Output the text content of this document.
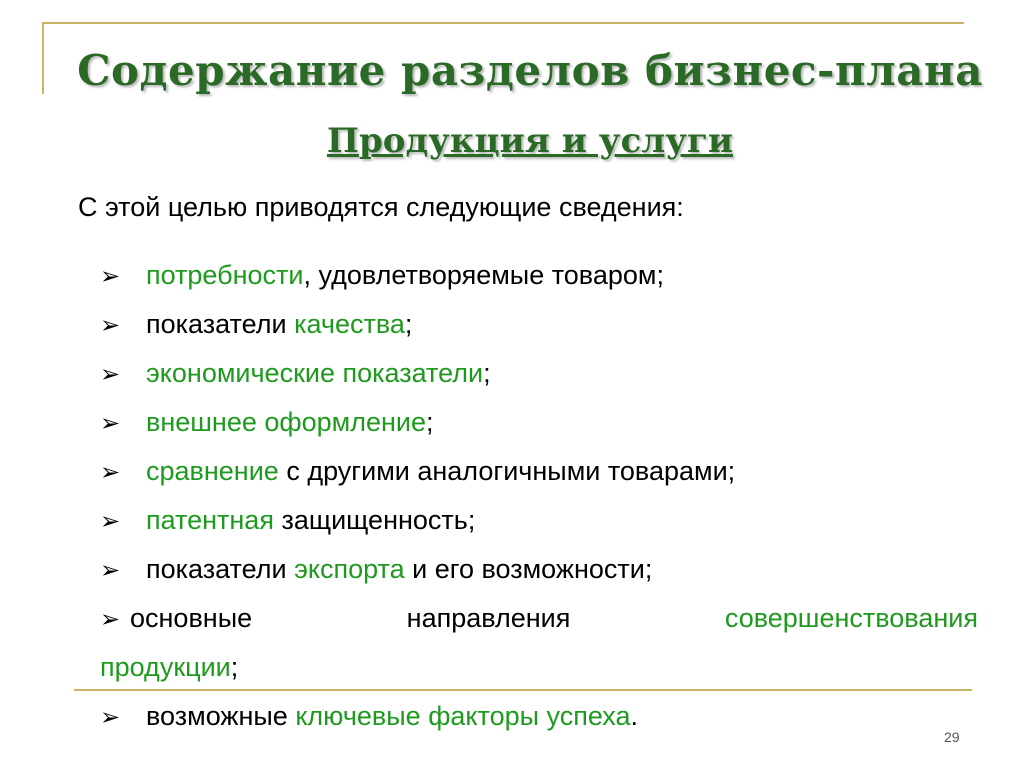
Содержание разделов бизнес-плана
Продукция и услуги
С этой целью приводятся следующие сведения:
➢ потребности, удовлетворяемые товаром;
➢ показатели качества;
➢ экономические показатели;
➢ внешнее оформление;
➢ сравнение с другими аналогичными товарами;
➢ патентная защищенность;
➢ показатели экспорта и его возможности;
➢ основные	направления	совершенствования
продукции;
➢ возможные ключевые факторы успеха.
29
